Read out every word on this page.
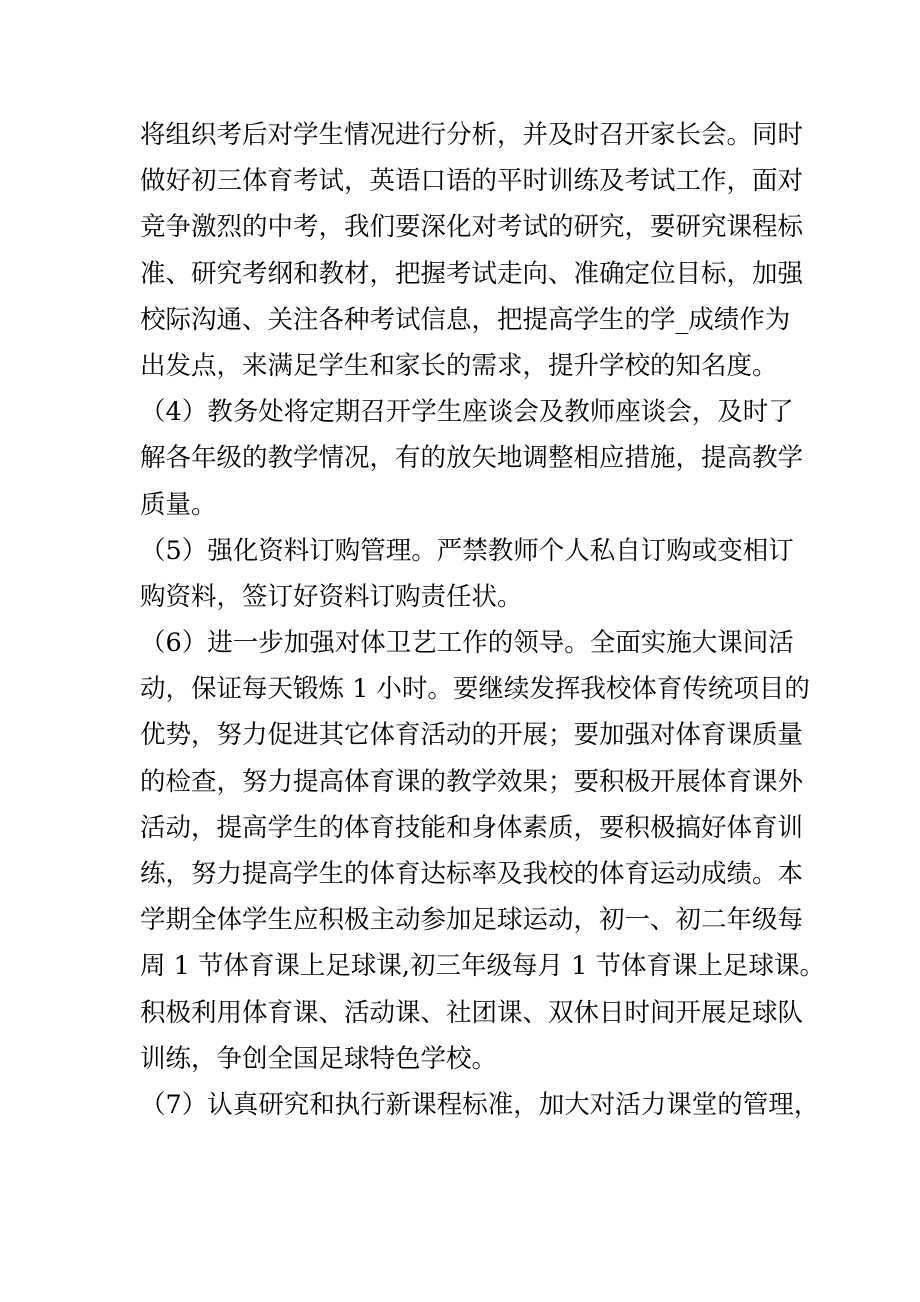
将组织考后对学生情况进行分析，并及时召开家长会。同时
做好初三体育考试，英语口语的平时训练及考试工作，面对
竞争激烈的中考，我们要深化对考试的研究，要研究课程标
准、研究考纲和教材，把握考试走向、准确定位目标，加强
校际沟通、关注各种考试信息，把提高学生的学_成绩作为
出发点，来满足学生和家长的需求，提升学校的知名度。
（4）教务处将定期召开学生座谈会及教师座谈会，及时了
解各年级的教学情况，有的放矢地调整相应措施，提高教学
质量。
（5）强化资料订购管理。严禁教师个人私自订购或变相订
购资料，签订好资料订购责任状。
（6）进一步加强对体卫艺工作的领导。全面实施大课间活
动，保证每天锻炼 1 小时。要继续发挥我校体育传统项目的
优势，努力促进其它体育活动的开展；要加强对体育课质量
的检查，努力提高体育课的教学效果；要积极开展体育课外
活动，提高学生的体育技能和身体素质，要积极搞好体育训
练，努力提高学生的体育达标率及我校的体育运动成绩。本
学期全体学生应积极主动参加足球运动，初一、初二年级每
周 1 节体育课上足球课,初三年级每月 1 节体育课上足球课。
积极利用体育课、活动课、社团课、双休日时间开展足球队
训练，争创全国足球特色学校。
（7）认真研究和执行新课程标准，加大对活力课堂的管理，
